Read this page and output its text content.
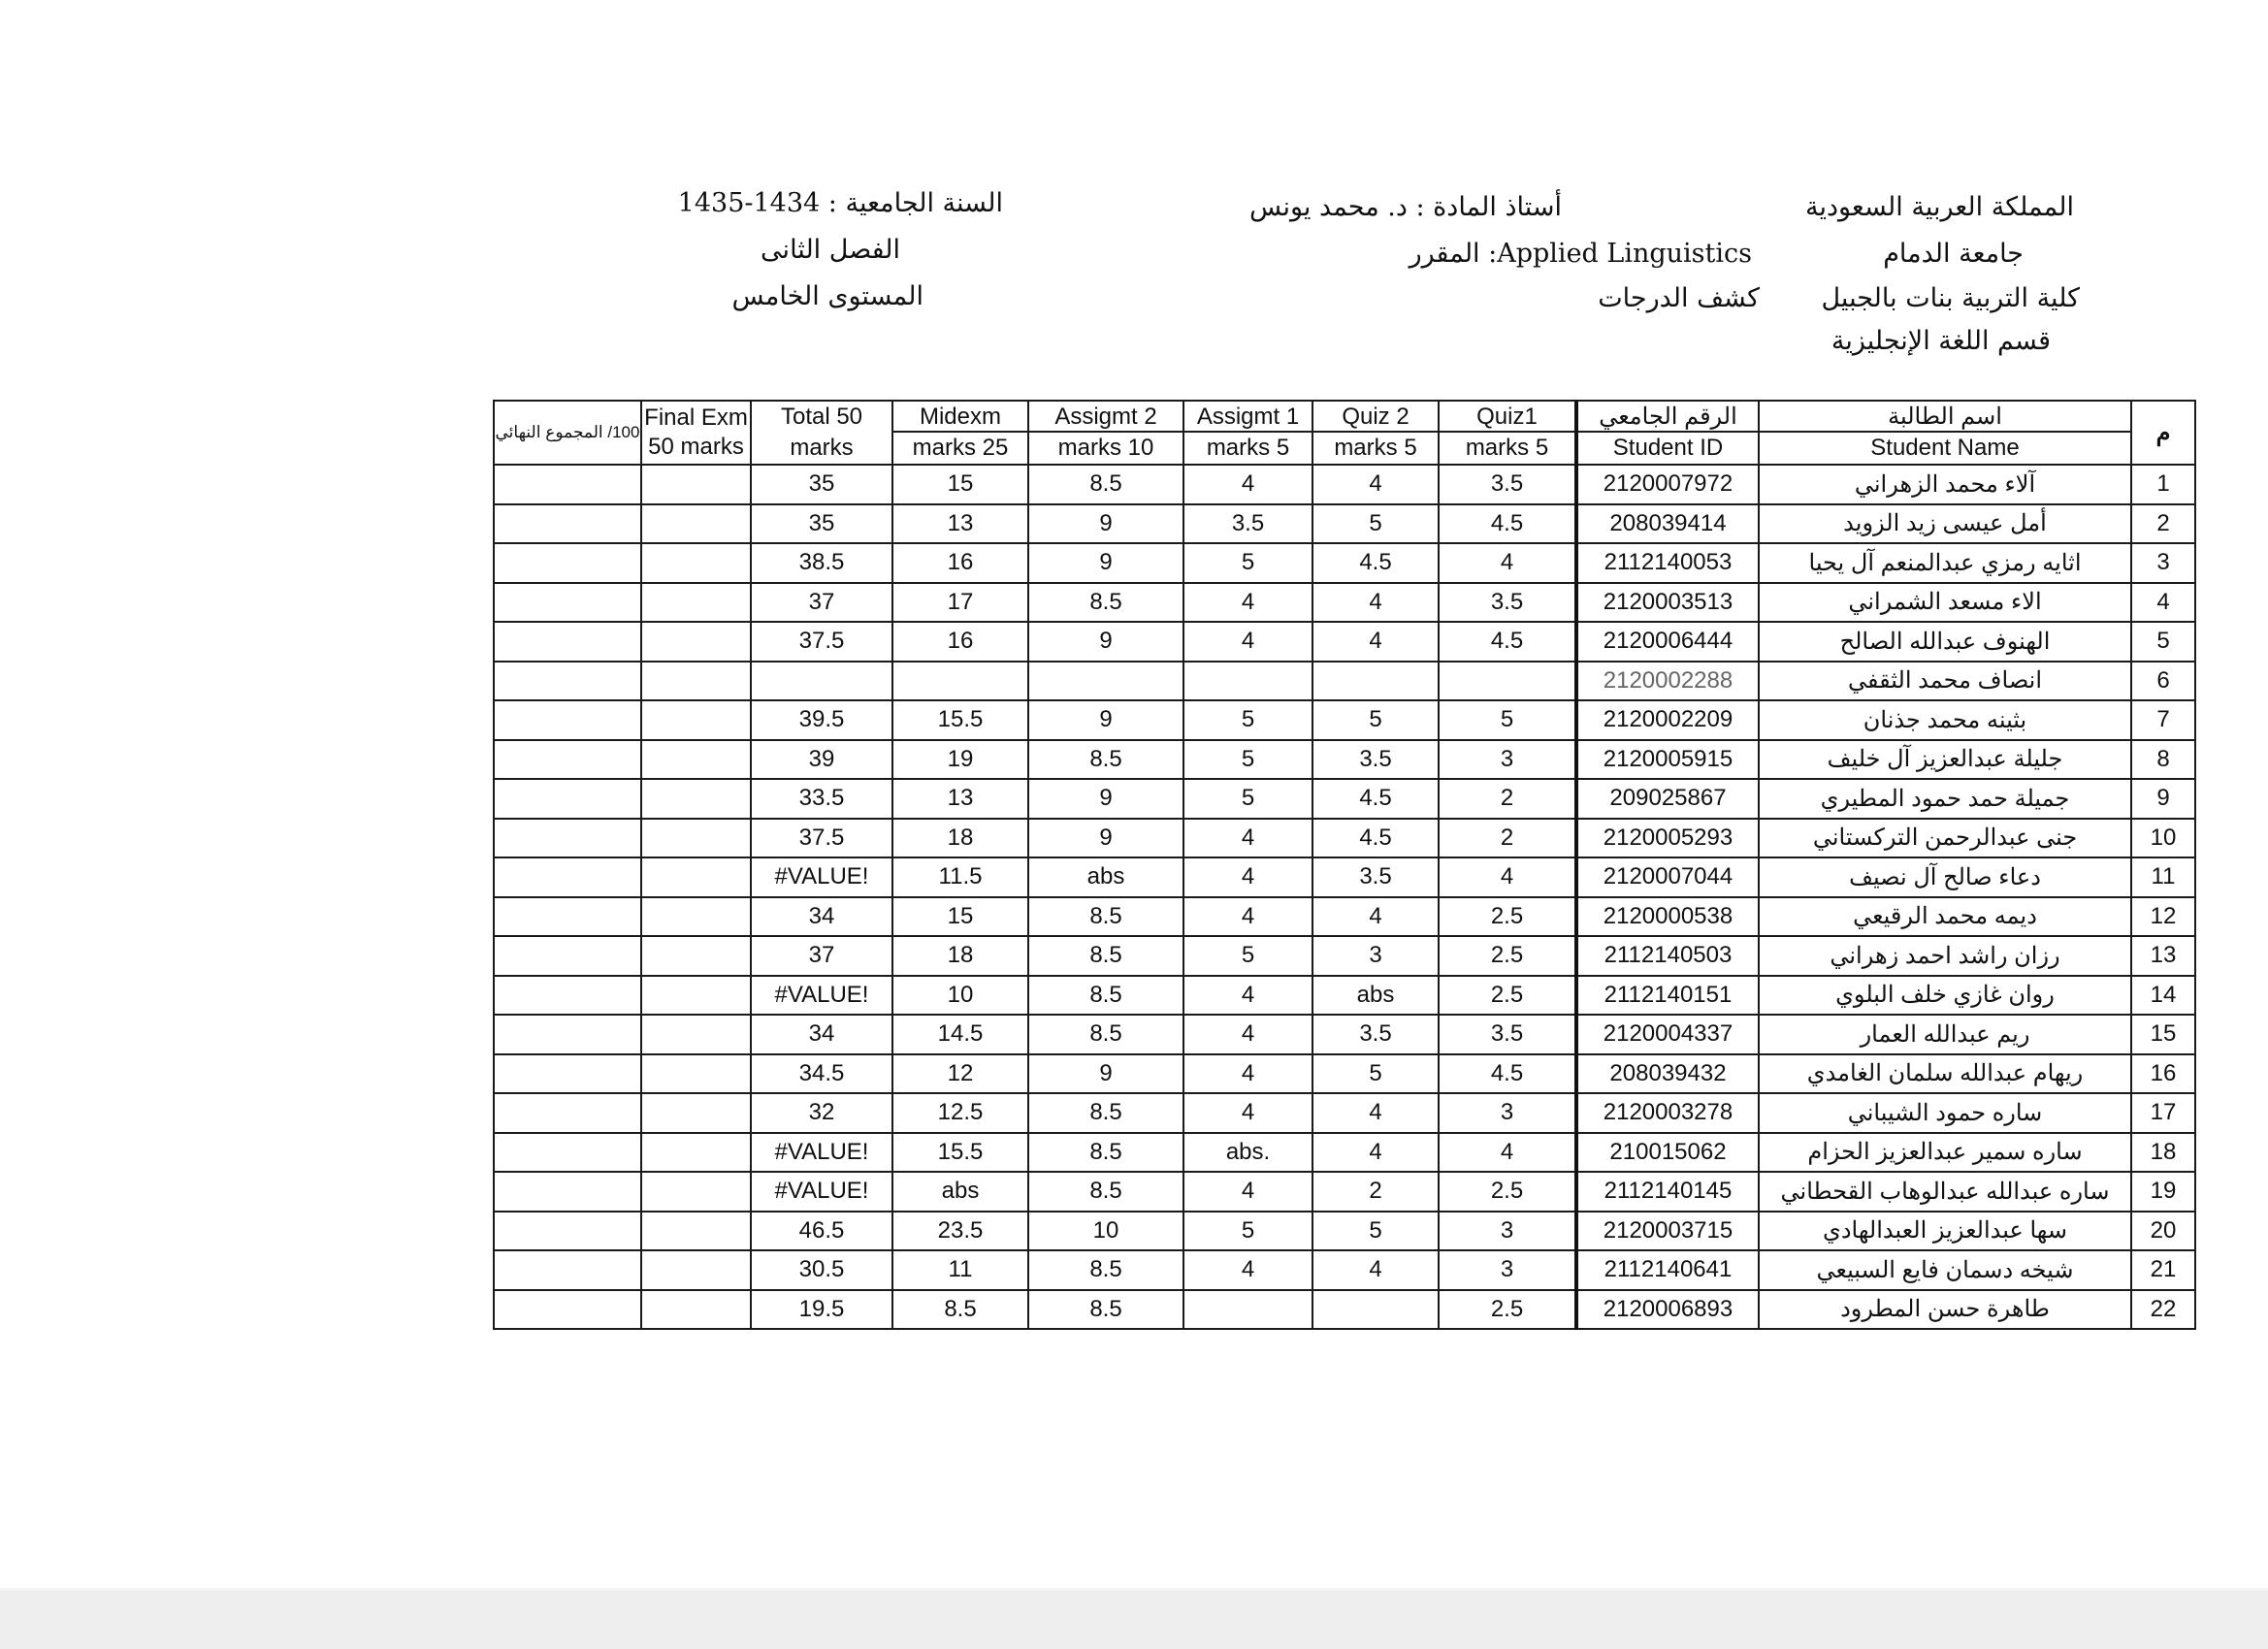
المملكة العربية السعودية
جامعة الدمام
كلية التربية بنات بالجبيل
قسم اللغة الإنجليزية
أستاذ المادة : د. محمد يونس
Applied Linguistics: المقرر
كشف الدرجات
السنة الجامعية : 1434-1435
الفصل الثانى
المستوى الخامس
100/ المجموع النهائي	Final Exm 50 marks	Total 50 marks	Midexm	Assigmt 2	Assigmt 1	Quiz 2	Quiz1	الرقم الجامعي	اسم الطالبة	م
			marks 25	marks 10	marks 5	marks 5	marks 5	Student ID	Student Name	
		35	15	8.5	4	4	3.5	2120007972	آلاء محمد الزهراني	1
		35	13	9	3.5	5	4.5	208039414	أمل عيسى زيد الزويد	2
		38.5	16	9	5	4.5	4	2112140053	اثايه رمزي عبدالمنعم آل يحيا	3
		37	17	8.5	4	4	3.5	2120003513	الاء مسعد الشمراني	4
		37.5	16	9	4	4	4.5	2120006444	الهنوف عبدالله الصالح	5
								2120002288	انصاف محمد الثقفي	6
		39.5	15.5	9	5	5	5	2120002209	بثينه محمد جذنان	7
		39	19	8.5	5	3.5	3	2120005915	جليلة عبدالعزيز آل خليف	8
		33.5	13	9	5	4.5	2	209025867	جميلة حمد حمود المطيري	9
		37.5	18	9	4	4.5	2	2120005293	جنى عبدالرحمن التركستاني	10
		#VALUE!	11.5	abs	4	3.5	4	2120007044	دعاء صالح آل نصيف	11
		34	15	8.5	4	4	2.5	2120000538	ديمه محمد الرقيعي	12
		37	18	8.5	5	3	2.5	2112140503	رزان راشد احمد زهراني	13
		#VALUE!	10	8.5	4	abs	2.5	2112140151	روان غازي خلف البلوي	14
		34	14.5	8.5	4	3.5	3.5	2120004337	ريم عبدالله العمار	15
		34.5	12	9	4	5	4.5	208039432	ريهام عبدالله سلمان الغامدي	16
		32	12.5	8.5	4	4	3	2120003278	ساره حمود الشيباني	17
		#VALUE!	15.5	8.5	abs.	4	4	210015062	ساره سمير عبدالعزيز الحزام	18
		#VALUE!	abs	8.5	4	2	2.5	2112140145	ساره عبدالله عبدالوهاب القحطاني	19
		46.5	23.5	10	5	5	3	2120003715	سها عبدالعزيز العبدالهادي	20
		30.5	11	8.5	4	4	3	2112140641	شيخه دسمان فايع السبيعي	21
		19.5	8.5	8.5			2.5	2120006893	طاهرة حسن المطرود	22
